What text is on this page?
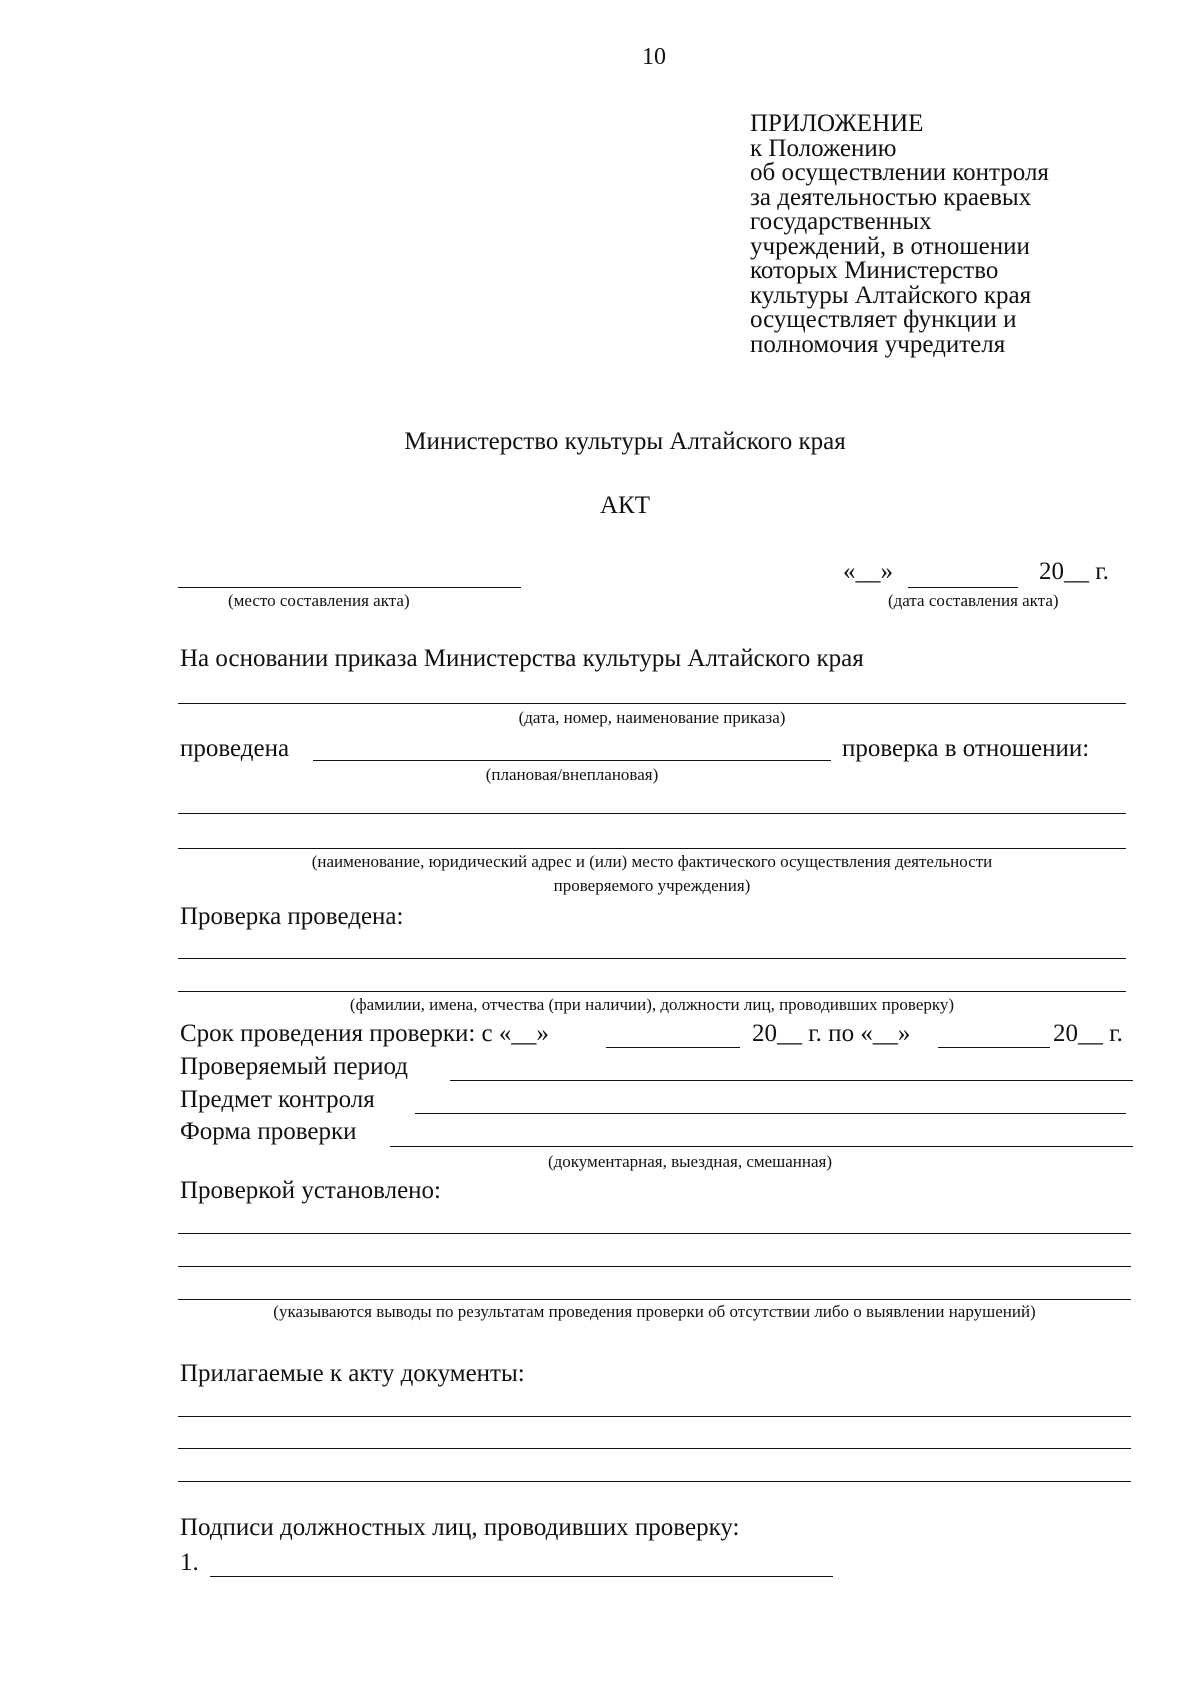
10
ПРИЛОЖЕНИЕ
к Положению
об осуществлении контроля
за деятельностью краевых
государственных
учреждений, в отношении
которых Министерство
культуры Алтайского края
осуществляет функции и
полномочия учредителя
Министерство культуры Алтайского края
АКТ
«__»	20__ г.
(место составления акта)	(дата составления акта)
На основании приказа Министерства культуры Алтайского края
(дата, номер, наименование приказа)
проведена	проверка в отношении:
(плановая/внеплановая)
(наименование, юридический адрес и (или) место фактического осуществления деятельности
проверяемого учреждения)
Проверка проведена:
(фамилии, имена, отчества (при наличии), должности лиц, проводивших проверку)
Срок проведения проверки: с «__»	20__ г. по «__»	20__ г.
Проверяемый период
Предмет контроля
Форма проверки
(документарная, выездная, смешанная)
Проверкой установлено:
(указываются выводы по результатам проведения проверки об отсутствии либо о выявлении нарушений)
Прилагаемые к акту документы:
Подписи должностных лиц, проводивших проверку:
1.
